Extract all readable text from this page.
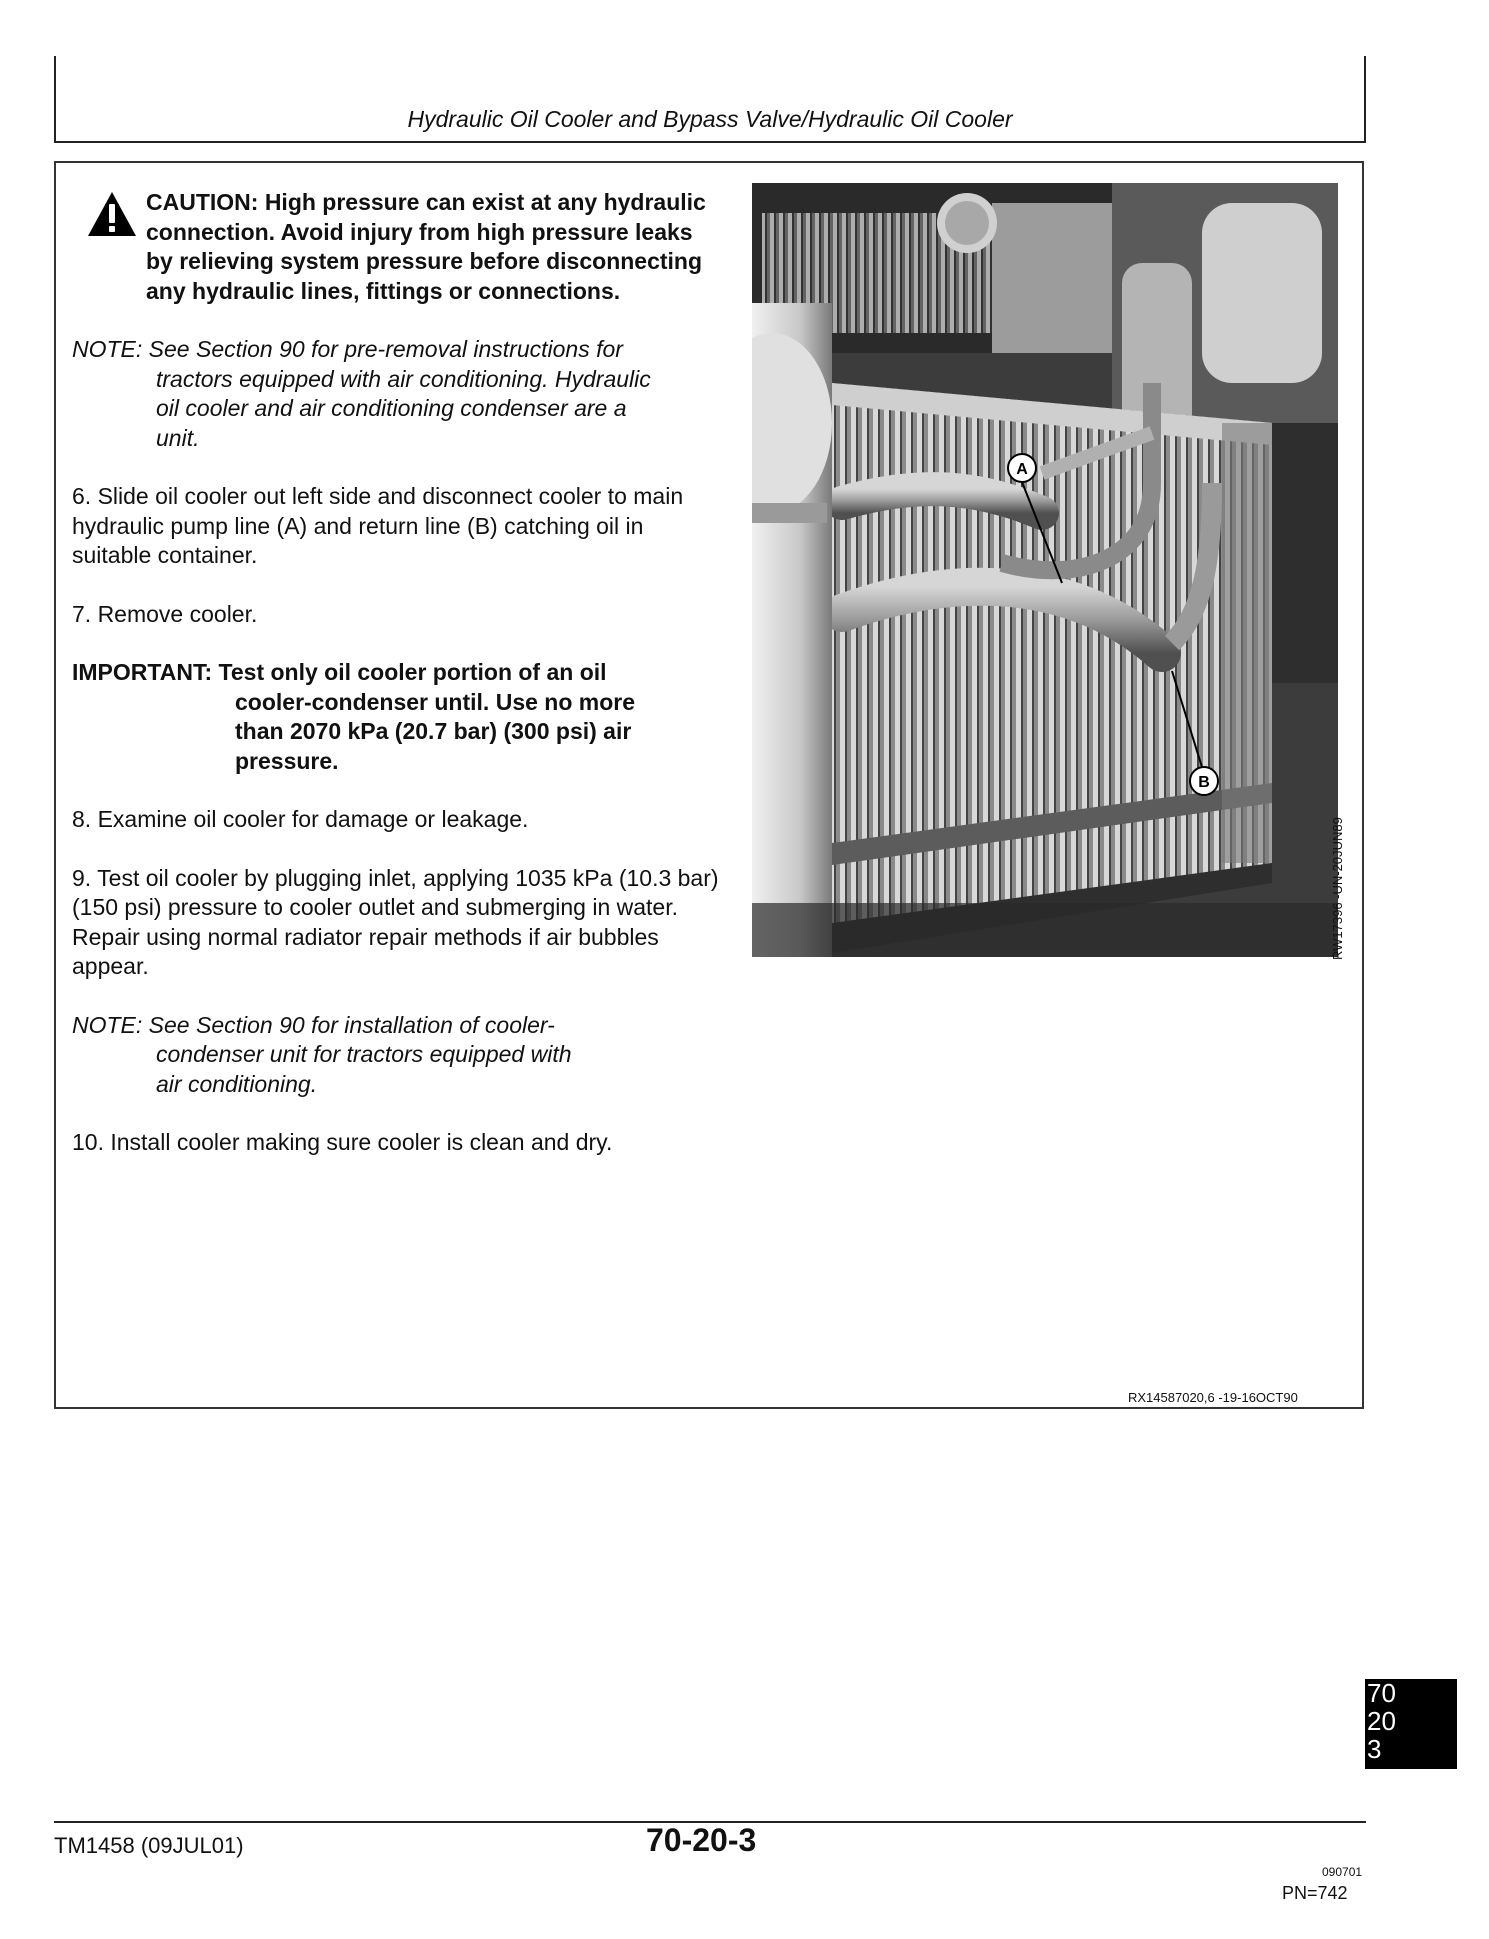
Hydraulic Oil Cooler and Bypass Valve/Hydraulic Oil Cooler
CAUTION: High pressure can exist at any hydraulic connection. Avoid injury from high pressure leaks by relieving system pressure before disconnecting any hydraulic lines, fittings or connections.
NOTE: See Section 90 for pre-removal instructions for
tractors equipped with air conditioning. Hydraulic
oil cooler and air conditioning condenser are a
unit.
6. Slide oil cooler out left side and disconnect cooler to main hydraulic pump line (A) and return line (B) catching oil in suitable container.
7. Remove cooler.
IMPORTANT: Test only oil cooler portion of an oil
cooler-condenser until. Use no more
than 2070 kPa (20.7 bar) (300 psi) air
pressure.
8. Examine oil cooler for damage or leakage.
9. Test oil cooler by plugging inlet, applying 1035 kPa (10.3 bar) (150 psi) pressure to cooler outlet and submerging in water. Repair using normal radiator repair methods if air bubbles appear.
NOTE: See Section 90 for installation of cooler-
condenser unit for tractors equipped with
air conditioning.
10. Install cooler making sure cooler is clean and dry.
A
B
RW17396 -UN-20JUN89
RX14587020,6 -19-16OCT90
70
20
3
TM1458 (09JUL01)	70-20-3
090701
PN=742
